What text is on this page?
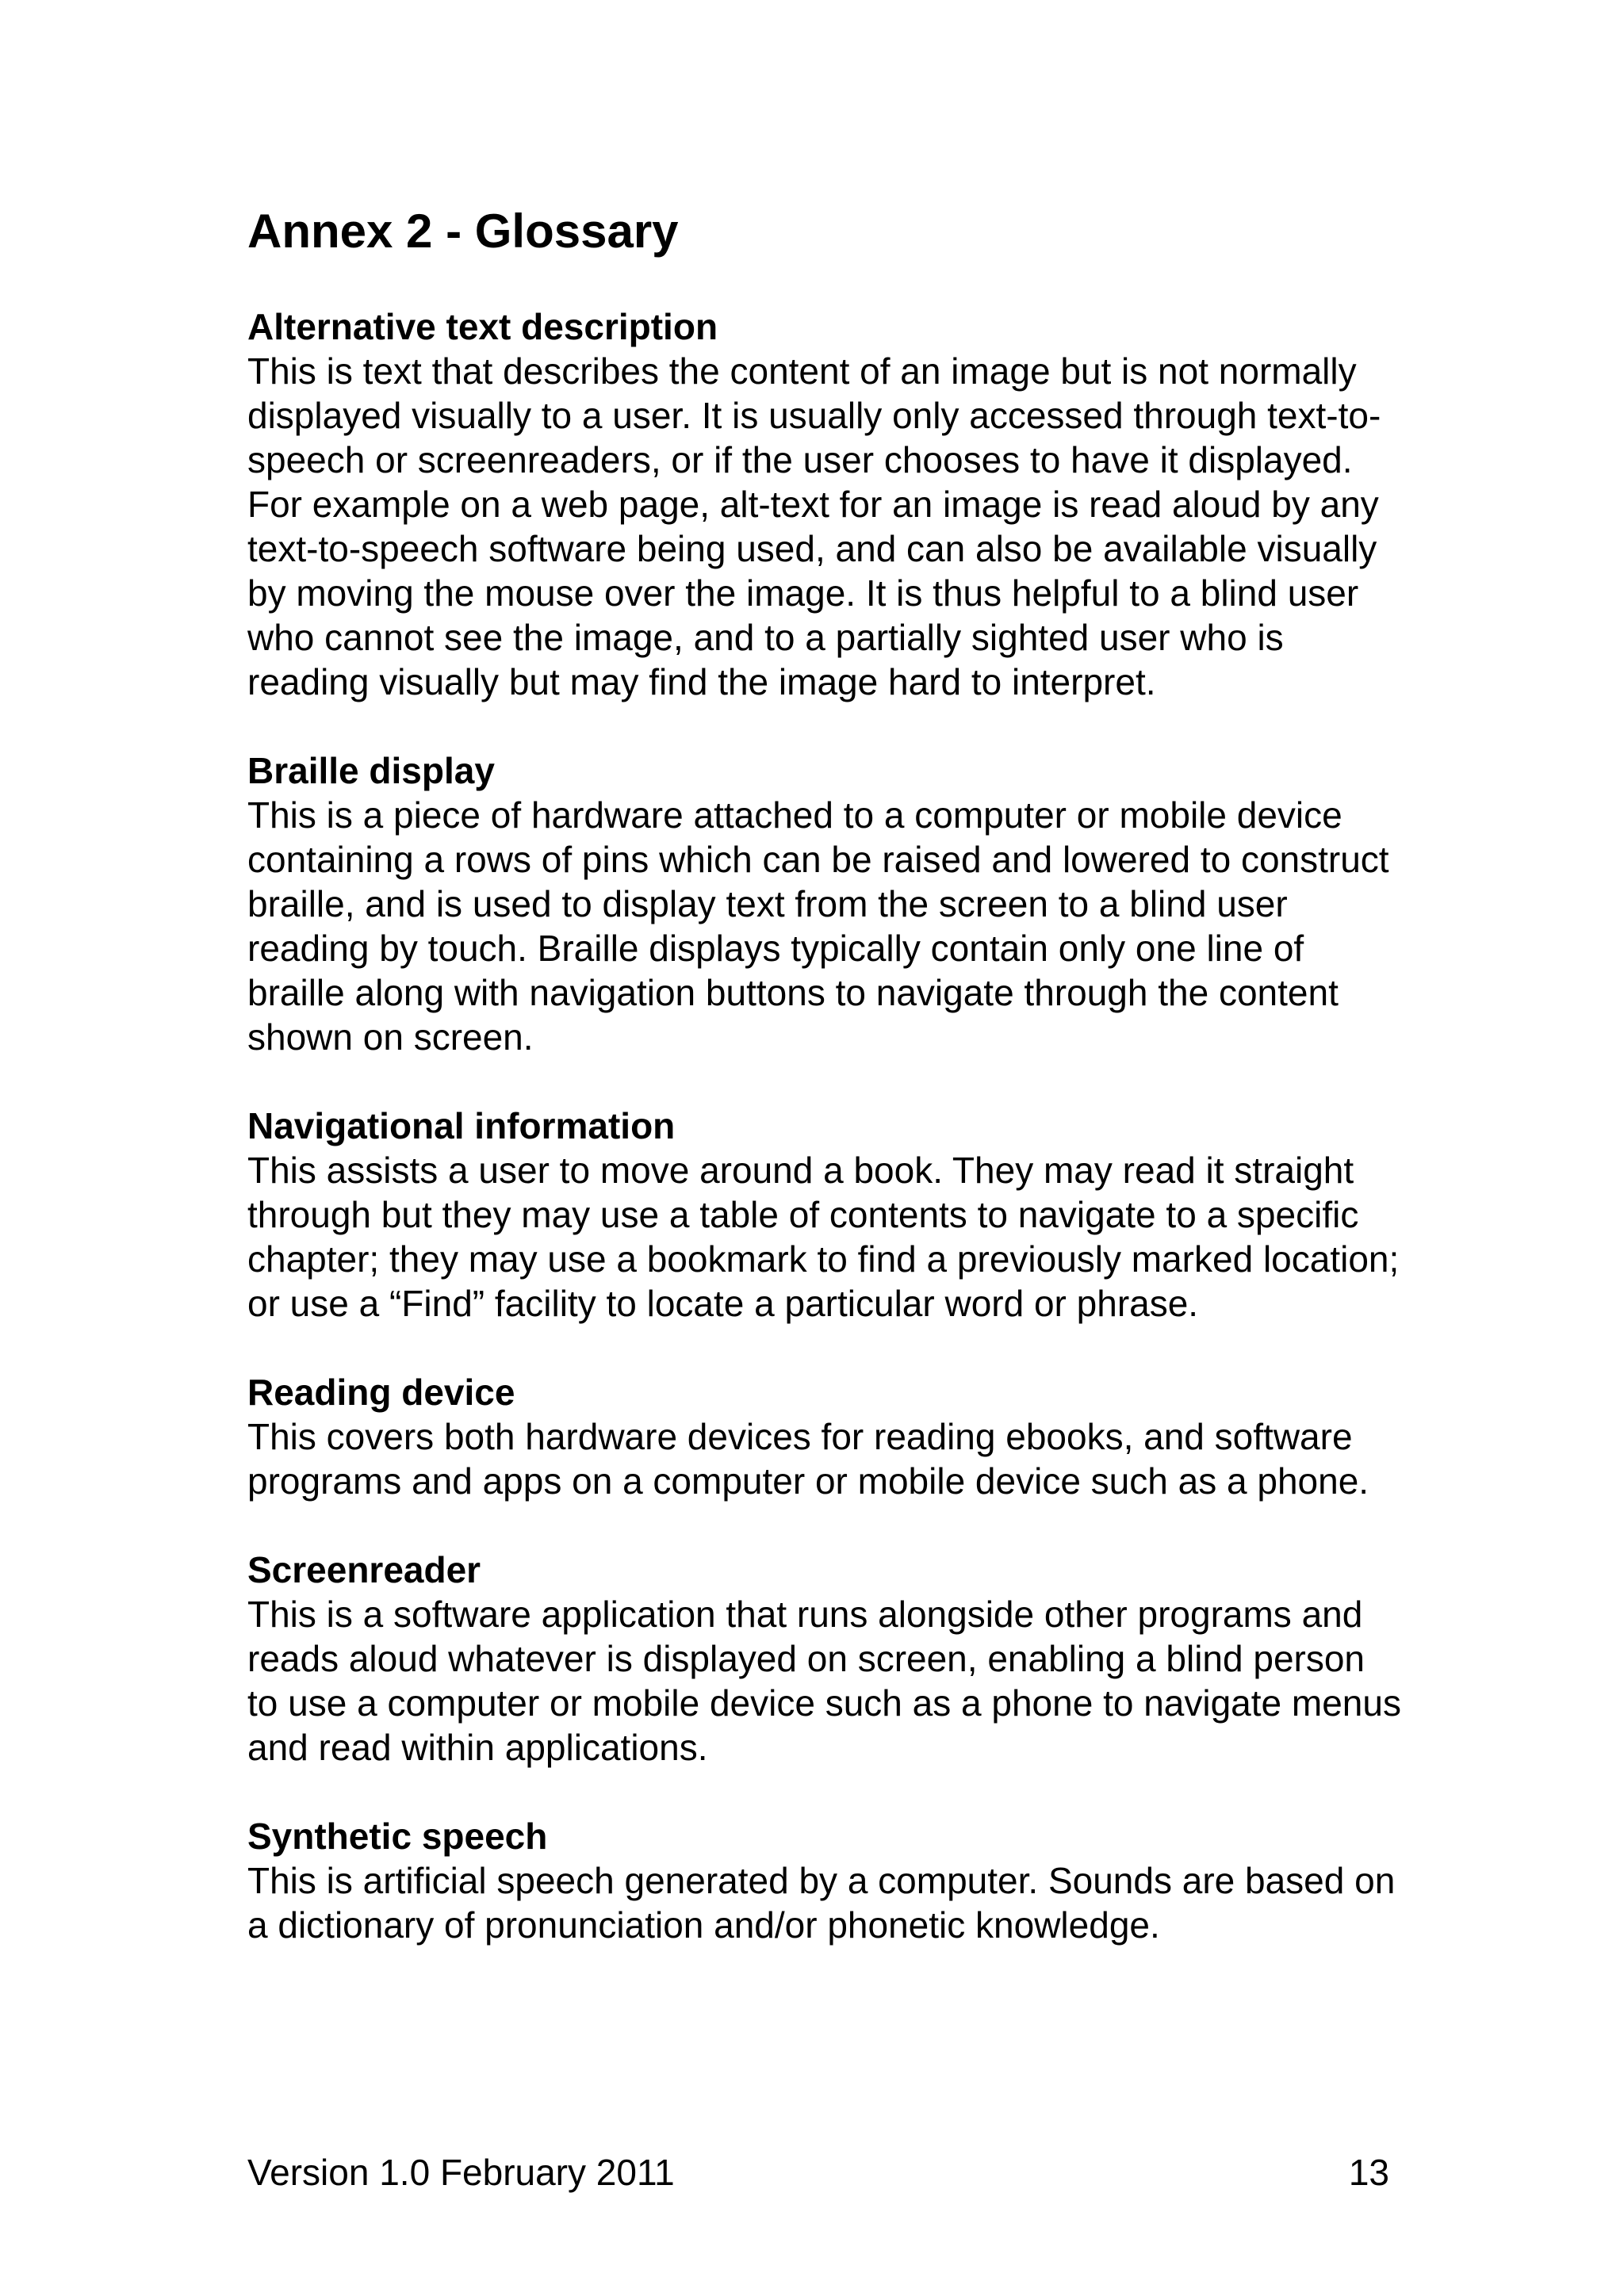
Annex 2 - Glossary

Alternative text description

This is text that describes the content of an image but is not normally displayed visually to a user. It is usually only accessed through text-to-speech or screenreaders, or if the user chooses to have it displayed. For example on a web page, alt-text for an image is read aloud by any text-to-speech software being used, and can also be available visually by moving the mouse over the image. It is thus helpful to a blind user who cannot see the image, and to a partially sighted user who is reading visually but may find the image hard to interpret.

Braille display

This is a piece of hardware attached to a computer or mobile device containing a rows of pins which can be raised and lowered to construct braille, and is used to display text from the screen to a blind user reading by touch. Braille displays typically contain only one line of braille along with navigation buttons to navigate through the content shown on screen.

Navigational information

This assists a user to move around a book. They may read it straight through but they may use a table of contents to navigate to a specific chapter; they may use a bookmark to find a previously marked location; or use a “Find” facility to locate a particular word or phrase.

Reading device

This covers both hardware devices for reading ebooks, and software programs and apps on a computer or mobile device such as a phone.

Screenreader

This is a software application that runs alongside other programs and reads aloud whatever is displayed on screen, enabling a blind person to use a computer or mobile device such as a phone to navigate menus and read within applications.

Synthetic speech

This is artificial speech generated by a computer. Sounds are based on a dictionary of pronunciation and/or phonetic knowledge.

Version 1.0 February 2011	13
